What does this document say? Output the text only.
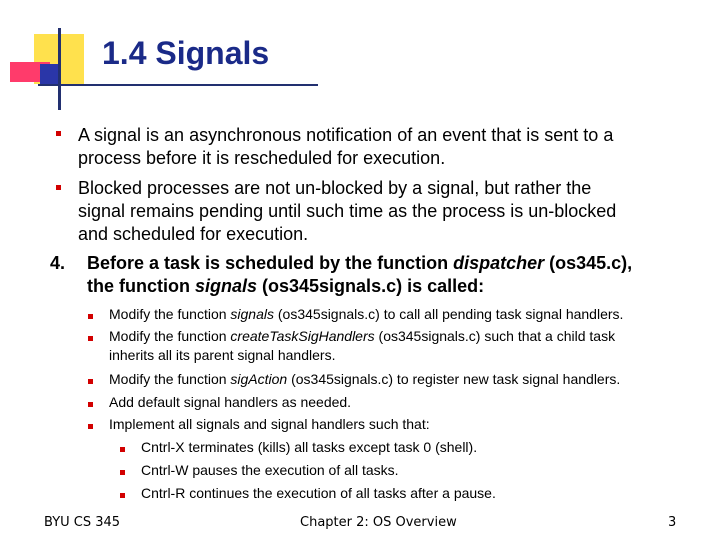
1.4 Signals
A signal is an asynchronous notification of an event that is sent to a
process before it is rescheduled for execution.
Blocked processes are not un-blocked by a signal, but rather the
signal remains pending until such time as the process is un-blocked
and scheduled for execution.
4. Before a task is scheduled by the function dispatcher (os345.c),
the function signals (os345signals.c) is called:
Modify the function signals (os345signals.c) to call all pending task signal handlers.
Modify the function createTaskSigHandlers (os345signals.c) such that a child task
inherits all its parent signal handlers.
Modify the function sigAction (os345signals.c) to register new task signal handlers.
Add default signal handlers as needed.
Implement all signals and signal handlers such that:
Cntrl-X terminates (kills) all tasks except task 0 (shell).
Cntrl-W pauses the execution of all tasks.
Cntrl-R continues the execution of all tasks after a pause.
BYU CS 345	Chapter 2: OS Overview	3
